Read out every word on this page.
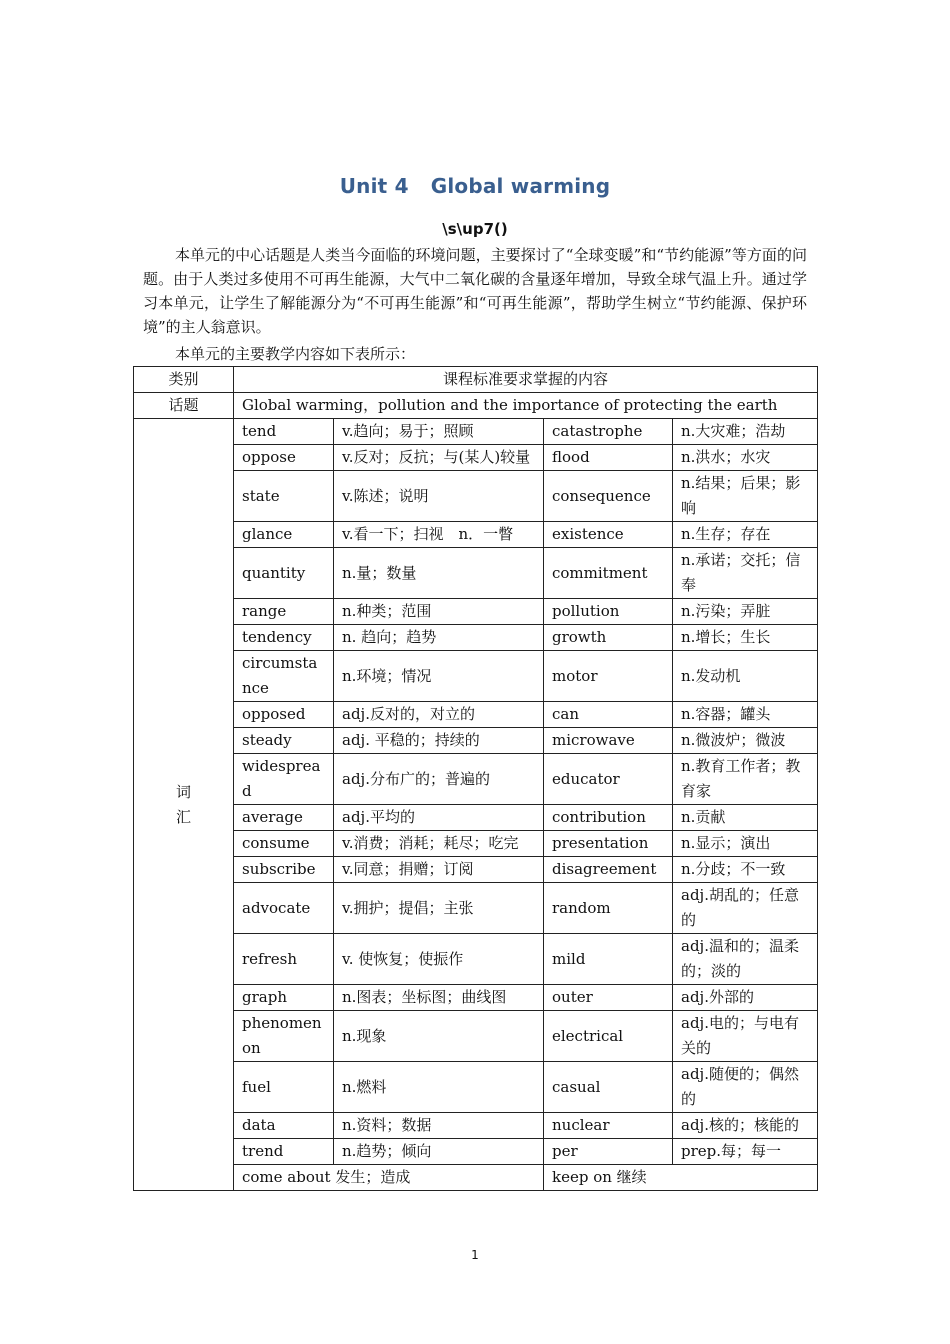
Unit 4 Global warming
\s\up7()

本单元的中心话题是人类当今面临的环境问题，主要探讨了“全球变暖”和“节约能源”等方面的问题。由于人类过多使用不可再生能源，大气中二氧化碳的含量逐年增加，导致全球气温上升。通过学习本单元，让学生了解能源分为“不可再生能源”和“可再生能源”，帮助学生树立“节约能源、保护环境”的主人翁意识。

本单元的主要教学内容如下表所示：

类别	课程标准要求掌握的内容			
话题	Global warming，pollution and the importance of protecting the earth			

词
汇	tend	v.趋向；易于；照顾	catastrophe	n.大灾难；浩劫
	oppose	v.反对；反抗；与(某人)较量	flood	n.洪水；水灾
	state	v.陈述；说明	consequence	n.结果；后果；影响
	glance	v.看一下；扫视　n．一瞥	existence	n.生存；存在
	quantity	n.量；数量	commitment	n.承诺；交托；信奉
	range	n.种类；范围	pollution	n.污染；弄脏
	tendency	n. 趋向；趋势	growth	n.增长；生长
	circumstance	n.环境；情况	motor	n.发动机
	opposed	adj.反对的，对立的	can	n.容器；罐头
	steady	adj. 平稳的；持续的	microwave	n.微波炉；微波
	widespread	adj.分布广的；普遍的	educator	n.教育工作者；教育家
	average	adj.平均的	contribution	n.贡献
	consume	v.消费；消耗；耗尽；吃完	presentation	n.显示；演出
	subscribe	v.同意；捐赠；订阅	disagreement	n.分歧；不一致
	advocate	v.拥护；提倡；主张	random	adj.胡乱的；任意的
	refresh	v. 使恢复；使振作	mild	adj.温和的；温柔的；淡的
	graph	n.图表；坐标图；曲线图	outer	adj.外部的
	phenomenon	n.现象	electrical	adj.电的；与电有关的
	fuel	n.燃料	casual	adj.随便的；偶然的
	data	n.资料；数据	nuclear	adj.核的；核能的
	trend	n.趋势；倾向	per	prep.每；每一
	come about 发生；造成		keep on 继续	
1
